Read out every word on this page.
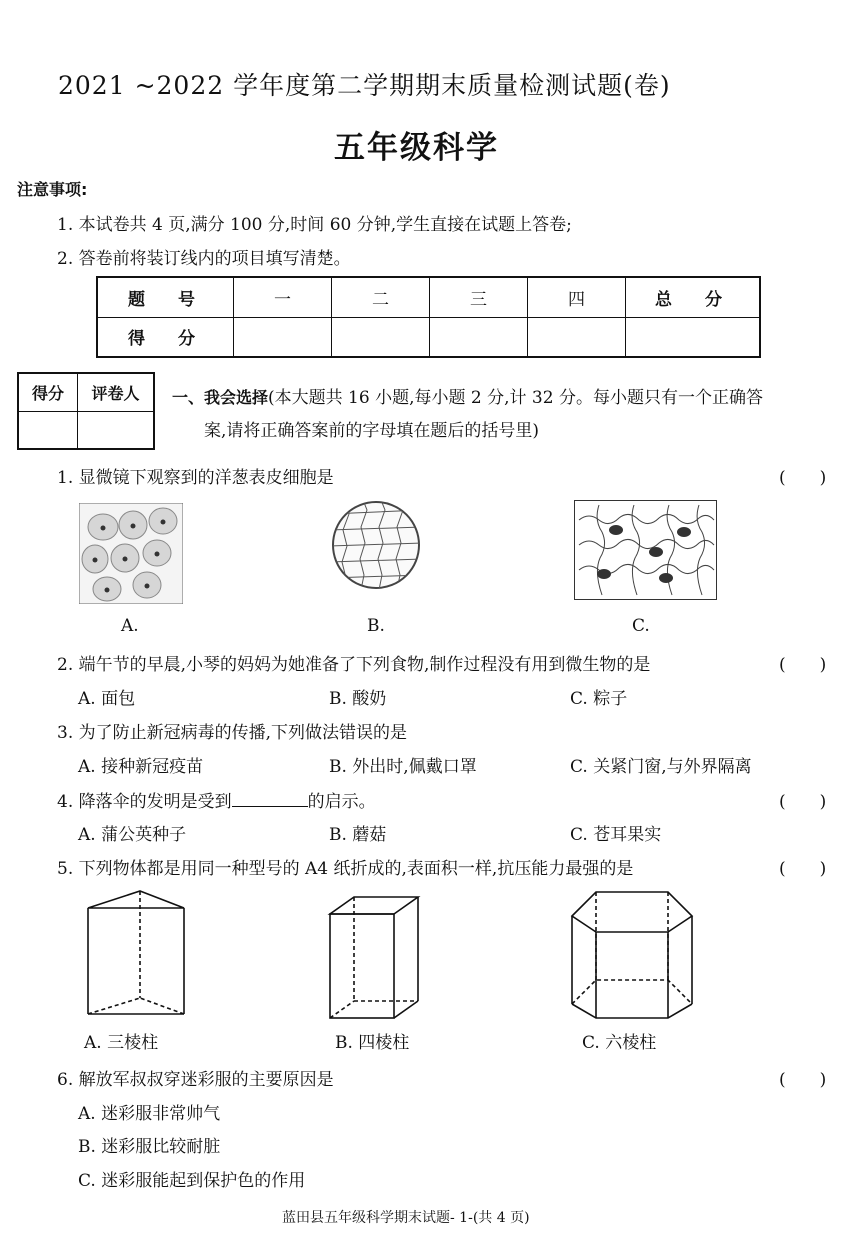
2021 ~2022 学年度第二学期期末质量检测试题(卷)
五年级科学
注意事项:
1. 本试卷共 4 页,满分 100 分,时间 60 分钟,学生直接在试题上答卷;
2. 答卷前将装订线内的项目填写清楚。
题　号	一	二	三	四	总　分
得　分					
得分	评卷人
	一、我会选择(本大题共 16 小题,每小题 2 分,计 32 分。每小题只有一个正确答
案,请将正确答案前的字母填在题后的括号里)
1. 显微镜下观察到的洋葱表皮细胞是	(　　)
A.	B.	C.
2. 端午节的早晨,小琴的妈妈为她准备了下列食物,制作过程没有用到微生物的是	(　　)
A. 面包	B. 酸奶	C. 粽子
3. 为了防止新冠病毒的传播,下列做法错误的是
A. 接种新冠疫苗	B. 外出时,佩戴口罩	C. 关紧门窗,与外界隔离
4. 降落伞的发明是受到	的启示。	(　　)
A. 蒲公英种子	B. 蘑菇	C. 苍耳果实
5. 下列物体都是用同一种型号的 A4 纸折成的,表面积一样,抗压能力最强的是	(　　)
A. 三棱柱	B. 四棱柱	C. 六棱柱
6. 解放军叔叔穿迷彩服的主要原因是	(　　)
A. 迷彩服非常帅气
B. 迷彩服比较耐脏
C. 迷彩服能起到保护色的作用
蓝田县五年级科学期末试题- 1-(共 4 页)
